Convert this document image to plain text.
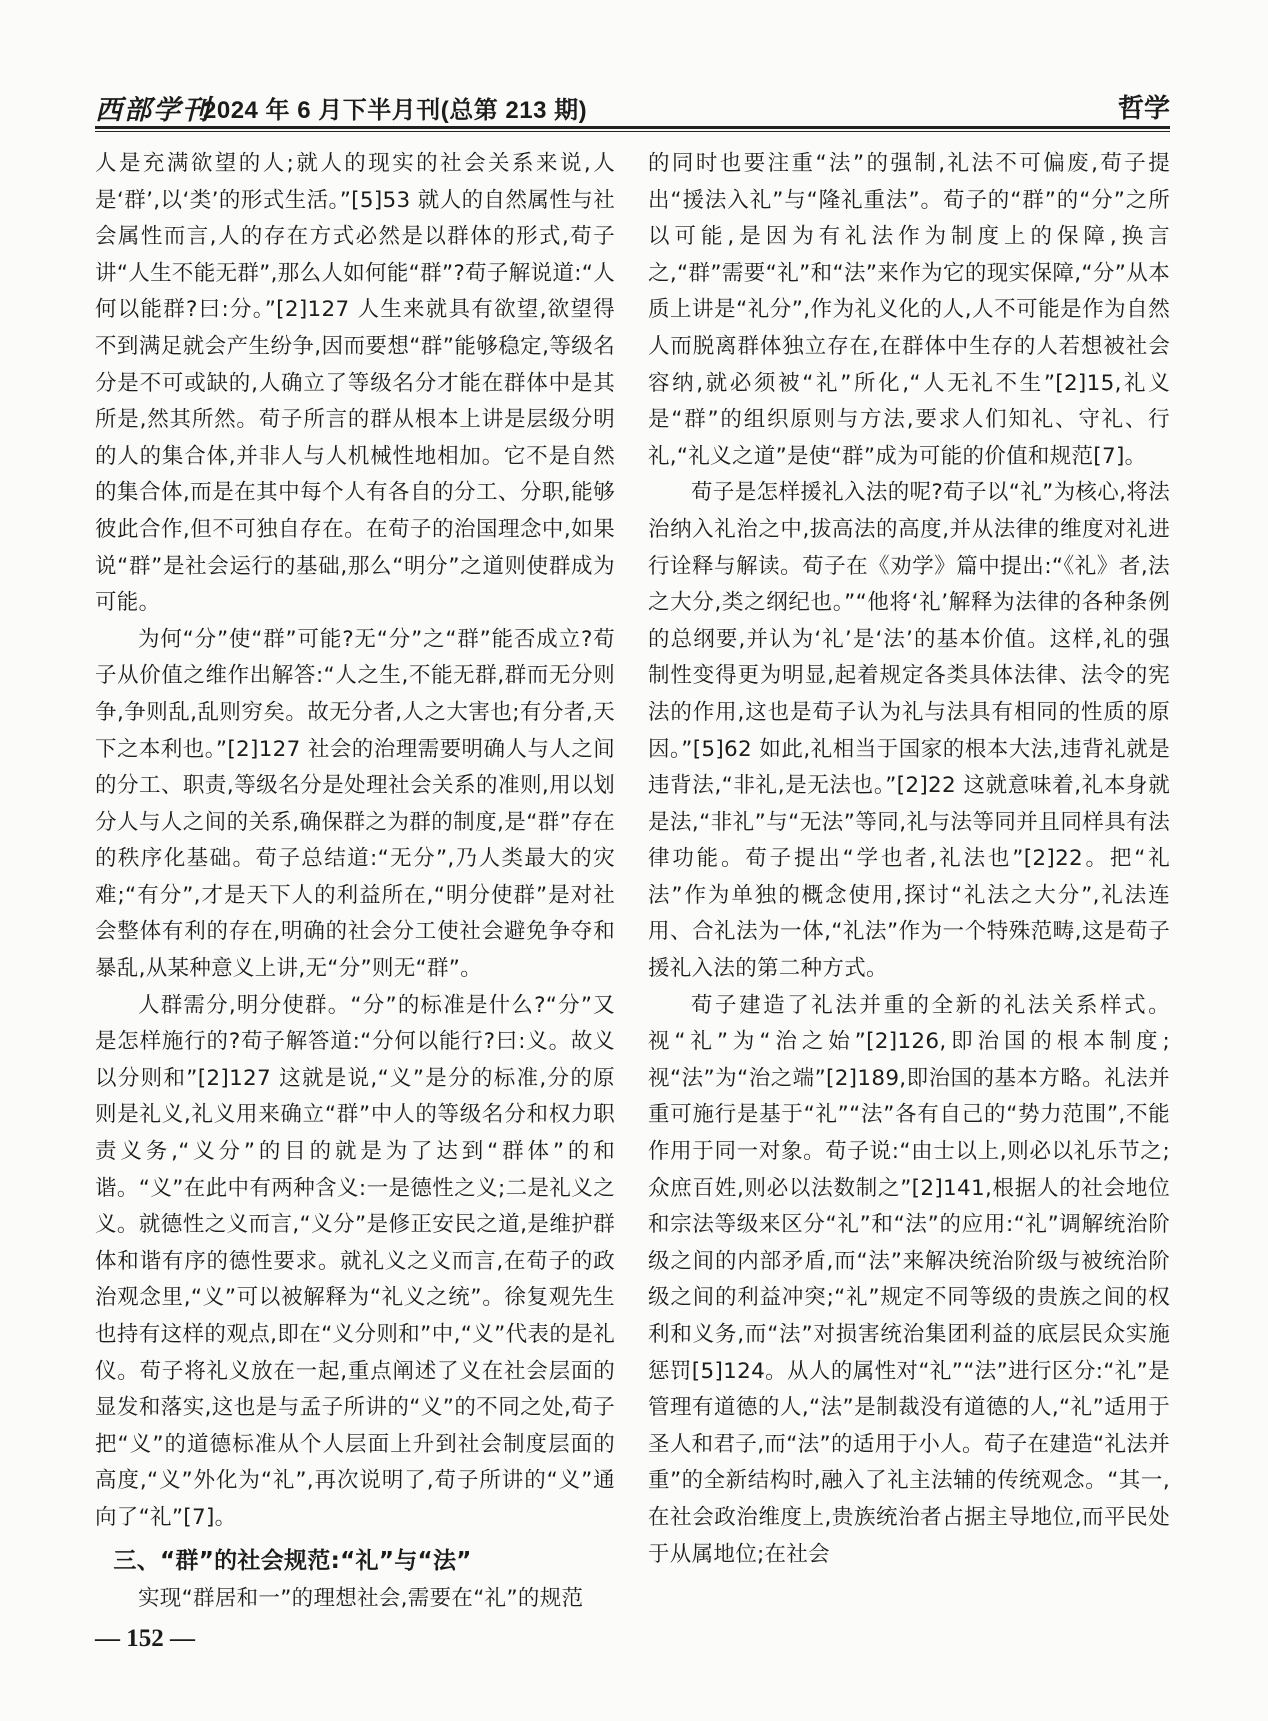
西部学刊
2024 年 6 月下半月刊(总第 213 期)	哲学

人是充满欲望的人;就人的现实的社会关系来说,人是‘群’,以‘类’的形式生活。”[5]53 就人的自然属性与社会属性而言,人的存在方式必然是以群体的形式,荀子讲“人生不能无群”,那么人如何能“群”?荀子解说道:“人何以能群?曰:分。”[2]127 人生来就具有欲望,欲望得不到满足就会产生纷争,因而要想“群”能够稳定,等级名分是不可或缺的,人确立了等级名分才能在群体中是其所是,然其所然。荀子所言的群从根本上讲是层级分明的人的集合体,并非人与人机械性地相加。它不是自然的集合体,而是在其中每个人有各自的分工、分职,能够彼此合作,但不可独自存在。在荀子的治国理念中,如果说“群”是社会运行的基础,那么“明分”之道则使群成为可能。

为何“分”使“群”可能?无“分”之“群”能否成立?荀子从价值之维作出解答:“人之生,不能无群,群而无分则争,争则乱,乱则穷矣。故无分者,人之大害也;有分者,天下之本利也。”[2]127 社会的治理需要明确人与人之间的分工、职责,等级名分是处理社会关系的准则,用以划分人与人之间的关系,确保群之为群的制度,是“群”存在的秩序化基础。荀子总结道:“无分”,乃人类最大的灾难;“有分”,才是天下人的利益所在,“明分使群”是对社会整体有利的存在,明确的社会分工使社会避免争夺和暴乱,从某种意义上讲,无“分”则无“群”。

人群需分,明分使群。“分”的标准是什么?“分”又是怎样施行的?荀子解答道:“分何以能行?曰:义。故义以分则和”[2]127 这就是说,“义”是分的标准,分的原则是礼义,礼义用来确立“群”中人的等级名分和权力职责义务,“义分”的目的就是为了达到“群体”的和谐。“义”在此中有两种含义:一是德性之义;二是礼义之义。就德性之义而言,“义分”是修正安民之道,是维护群体和谐有序的德性要求。就礼义之义而言,在荀子的政治观念里,“义”可以被解释为“礼义之统”。徐复观先生也持有这样的观点,即在“义分则和”中,“义”代表的是礼仪。荀子将礼义放在一起,重点阐述了义在社会层面的显发和落实,这也是与孟子所讲的“义”的不同之处,荀子把“义”的道德标准从个人层面上升到社会制度层面的高度,“义”外化为“礼”,再次说明了,荀子所讲的“义”通向了“礼”[7]。

三、“群”的社会规范:“礼”与“法”

实现“群居和一”的理想社会,需要在“礼”的规范

的同时也要注重“法”的强制,礼法不可偏废,荀子提出“援法入礼”与“隆礼重法”。荀子的“群”的“分”之所以可能,是因为有礼法作为制度上的保障,换言之,“群”需要“礼”和“法”来作为它的现实保障,“分”从本质上讲是“礼分”,作为礼义化的人,人不可能是作为自然人而脱离群体独立存在,在群体中生存的人若想被社会容纳,就必须被“礼”所化,“人无礼不生”[2]15,礼义是“群”的组织原则与方法,要求人们知礼、守礼、行礼,“礼义之道”是使“群”成为可能的价值和规范[7]。

荀子是怎样援礼入法的呢?荀子以“礼”为核心,将法治纳入礼治之中,拔高法的高度,并从法律的维度对礼进行诠释与解读。荀子在《劝学》篇中提出:“《礼》者,法之大分,类之纲纪也。”“他将‘礼’解释为法律的各种条例的总纲要,并认为‘礼’是‘法’的基本价值。这样,礼的强制性变得更为明显,起着规定各类具体法律、法令的宪法的作用,这也是荀子认为礼与法具有相同的性质的原因。”[5]62 如此,礼相当于国家的根本大法,违背礼就是违背法,“非礼,是无法也。”[2]22 这就意味着,礼本身就是法,“非礼”与“无法”等同,礼与法等同并且同样具有法律功能。荀子提出“学也者,礼法也”[2]22。把“礼法”作为单独的概念使用,探讨“礼法之大分”,礼法连用、合礼法为一体,“礼法”作为一个特殊范畴,这是荀子援礼入法的第二种方式。

荀子建造了礼法并重的全新的礼法关系样式。视“礼”为“治之始”[2]126,即治国的根本制度;视“法”为“治之端”[2]189,即治国的基本方略。礼法并重可施行是基于“礼”“法”各有自己的“势力范围”,不能作用于同一对象。荀子说:“由士以上,则必以礼乐节之;众庶百姓,则必以法数制之”[2]141,根据人的社会地位和宗法等级来区分“礼”和“法”的应用:“礼”调解统治阶级之间的内部矛盾,而“法”来解决统治阶级与被统治阶级之间的利益冲突;“礼”规定不同等级的贵族之间的权利和义务,而“法”对损害统治集团利益的底层民众实施惩罚[5]124。从人的属性对“礼”“法”进行区分:“礼”是管理有道德的人,“法”是制裁没有道德的人,“礼”适用于圣人和君子,而“法”的适用于小人。荀子在建造“礼法并重”的全新结构时,融入了礼主法辅的传统观念。“其一,在社会政治维度上,贵族统治者占据主导地位,而平民处于从属地位;在社会

— 152 —
